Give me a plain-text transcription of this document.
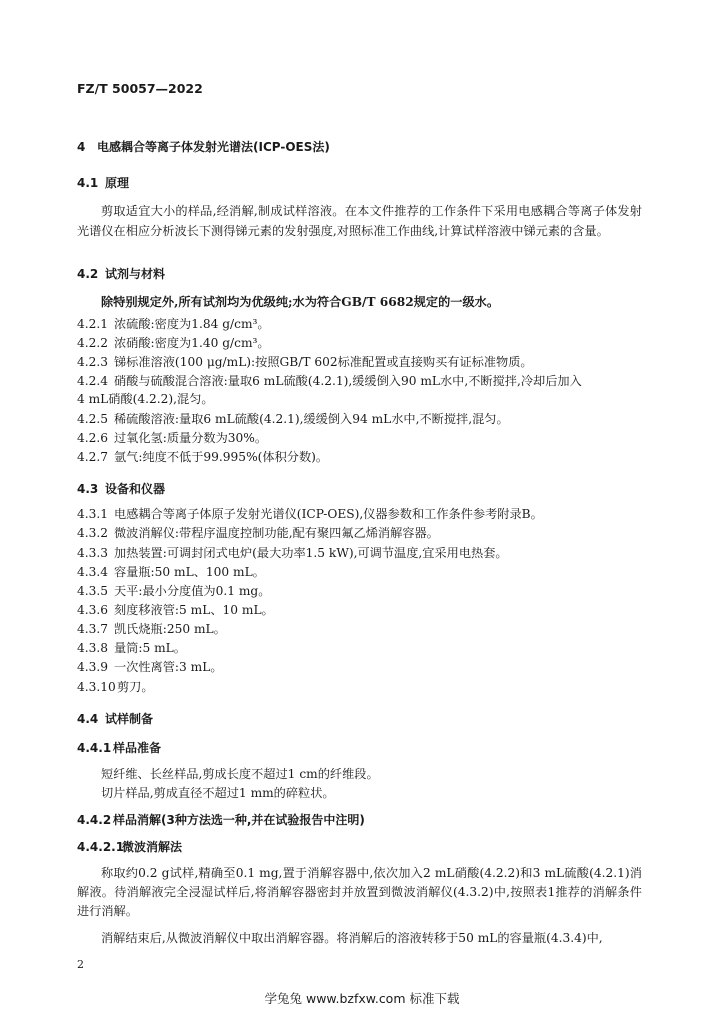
FZ/T 50057—2022
4 电感耦合等离子体发射光谱法(ICP-OES法)
4.1 原理
剪取适宜大小的样品,经消解,制成试样溶液。在本文件推荐的工作条件下采用电感耦合等离子体发射光谱仪在相应分析波长下测得锑元素的发射强度,对照标准工作曲线,计算试样溶液中锑元素的含量。
4.2 试剂与材料
除特别规定外,所有试剂均为优级纯;水为符合GB/T 6682规定的一级水。
4.2.1 浓硫酸:密度为1.84 g/cm³。
4.2.2 浓硝酸:密度为1.40 g/cm³。
4.2.3 锑标准溶液(100 μg/mL):按照GB/T 602标准配置或直接购买有证标准物质。
4.2.4 硝酸与硫酸混合溶液:量取6 mL硫酸(4.2.1),缓缓倒入90 mL水中,不断搅拌,冷却后加入
4 mL硝酸(4.2.2),混匀。
4.2.5 稀硫酸溶液:量取6 mL硫酸(4.2.1),缓缓倒入94 mL水中,不断搅拌,混匀。
4.2.6 过氧化氢:质量分数为30%。
4.2.7 氩气:纯度不低于99.995%(体积分数)。
4.3 设备和仪器
4.3.1 电感耦合等离子体原子发射光谱仪(ICP-OES),仪器参数和工作条件参考附录B。
4.3.2 微波消解仪:带程序温度控制功能,配有聚四氟乙烯消解容器。
4.3.3 加热装置:可调封闭式电炉(最大功率1.5 kW),可调节温度,宜采用电热套。
4.3.4 容量瓶:50 mL、100 mL。
4.3.5 天平:最小分度值为0.1 mg。
4.3.6 刻度移液管:5 mL、10 mL。
4.3.7 凯氏烧瓶:250 mL。
4.3.8 量筒:5 mL。
4.3.9 一次性离管:3 mL。
4.3.10剪刀。
4.4 试样制备
4.4.1 样品准备
短纤维、长丝样品,剪成长度不超过1 cm的纤维段。
切片样品,剪成直径不超过1 mm的碎粒状。
4.4.2 样品消解(3种方法选一种,并在试验报告中注明)
4.4.2.1微波消解法
称取约0.2 g试样,精确至0.1 mg,置于消解容器中,依次加入2 mL硝酸(4.2.2)和3 mL硫酸(4.2.1)消解液。待消解液完全浸湿试样后,将消解容器密封并放置到微波消解仪(4.3.2)中,按照表1推荐的消解条件进行消解。
消解结束后,从微波消解仪中取出消解容器。将消解后的溶液转移于50 mL的容量瓶(4.3.4)中,
2
学兔兔 www.bzfxw.com 标准下载
